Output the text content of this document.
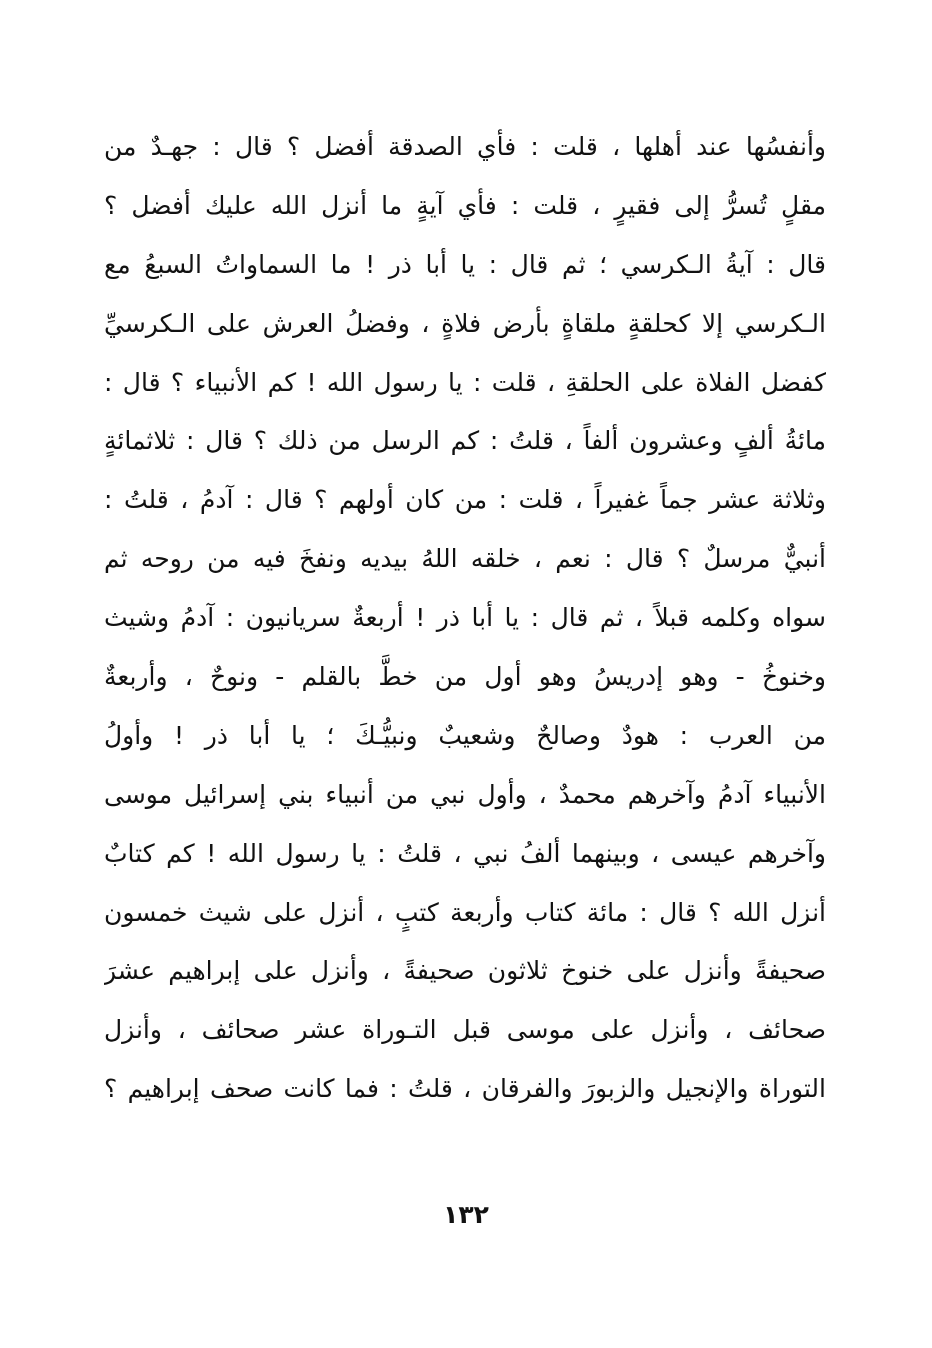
وأنفسُها عند أهلها ، قلت : فأي الصدقة أفضل ؟ قال : جهـدٌ من
مقلٍ تُسرُّ إلى فقيرٍ ، قلت : فأي آيةٍ ما أنزل الله عليك أفضل ؟
قال : آيةُ الـكرسي ؛ ثم قال : يا أبا ذر ! ما السماواتُ السبعُ مع
الـكرسي إلا كحلقةٍ ملقاةٍ بأرض فلاةٍ ، وفضلُ العرش على الـكرسيِّ
كفضل الفلاة على الحلقةِ ، قلت : يا رسول الله ! كم الأنبياء ؟ قال :
مائةُ ألفٍ وعشرون ألفاً ، قلتُ : كم الرسل من ذلك ؟ قال : ثلاثمائةٍ
وثلاثة عشر جماً غفيراً ، قلت : من كان أولهم ؟ قال : آدمُ ، قلتُ :
أنبيٌّ مرسلٌ ؟ قال : نعم ، خلقه اللهُ بيديه ونفخَ فيه من روحه ثم
سواه وكلمه قبلاً ، ثم قال : يا أبا ذر ! أربعةٌ سريانيون : آدمُ وشيث
وخنوخُ - وهو إدريسُ وهو أول من خطَّ بالقلم - ونوحٌ ، وأربعةٌ
من العرب : هودٌ وصالحٌ وشعيبٌ ونبيُّـكَ ؛ يا أبا ذر ! وأولُ
الأنبياء آدمُ وآخرهم محمدٌ ، وأول نبي من أنبياء بني إسرائيل موسى
وآخرهم عيسى ، وبينهما ألفُ نبي ، قلتُ : يا رسول الله ! كم كتابٌ
أنزل الله ؟ قال : مائة كتاب وأربعة كتبٍ ، أنزل على شيث خمسون
صحيفةً وأنزل على خنوخ ثلاثون صحيفةً ، وأنزل على إبراهيم عشرَ
صحائف ، وأنزل على موسى قبل التـوراة عشر صحائف ، وأنزل
التوراة والإنجيل والزبورَ والفرقان ، قلتُ : فما كانت صحف إبراهيم ؟
١٣٢
